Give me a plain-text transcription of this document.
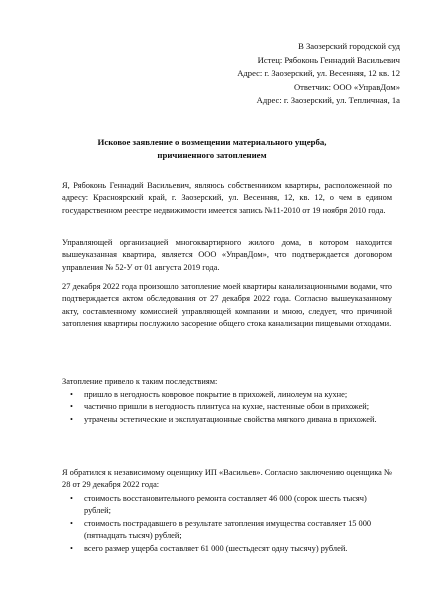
В Заозерский городской суд
Истец: Рябоконь Геннадий Васильевич
Адрес: г. Заозерский, ул. Весенняя, 12 кв. 12
Ответчик: ООО «УправДом»
Адрес: г. Заозерский, ул. Тепличная, 1а
Исковое заявление о возмещении материального ущерба,
причиненного затоплением
Я, Рябоконь Геннадий Васильевич, являюсь собственником квартиры, расположенной по адресу: Красноярский край, г. Заозерский, ул. Весенняя, 12, кв. 12, о чем в едином государственном реестре недвижимости имеется запись №11-2010 от 19 ноября 2010 года.
Управляющей организацией многоквартирного жилого дома, в котором находится вышеуказанная квартира, является ООО «УправДом», что подтверждается договором управления № 52-У от 01 августа 2019 года.
27 декабря 2022 года произошло затопление моей квартиры канализационными водами, что подтверждается актом обследования от 27 декабря 2022 года. Согласно вышеуказанному акту, составленному комиссией управляющей компании и мною, следует, что причиной затопления квартиры послужило засорение общего стока канализации пищевыми отходами.
Затопление привело к таким последствиям:
• пришло в негодность ковровое покрытие в прихожей, линолеум на кухне;
• частично пришли в негодность плинтуса на кухне, настенные обои в прихожей;
• утрачены эстетические и эксплуатационные свойства мягкого дивана в прихожей.
Я обратился к независимому оценщику ИП «Васильев». Согласно заключению оценщика № 28 от 29 декабря 2022 года:
• стоимость восстановительного ремонта составляет 46 000 (сорок шесть тысяч) рублей;
• стоимость пострадавшего в результате затопления имущества составляет 15 000 (пятнадцать тысяч) рублей;
• всего размер ущерба составляет 61 000 (шестьдесят одну тысячу) рублей.
